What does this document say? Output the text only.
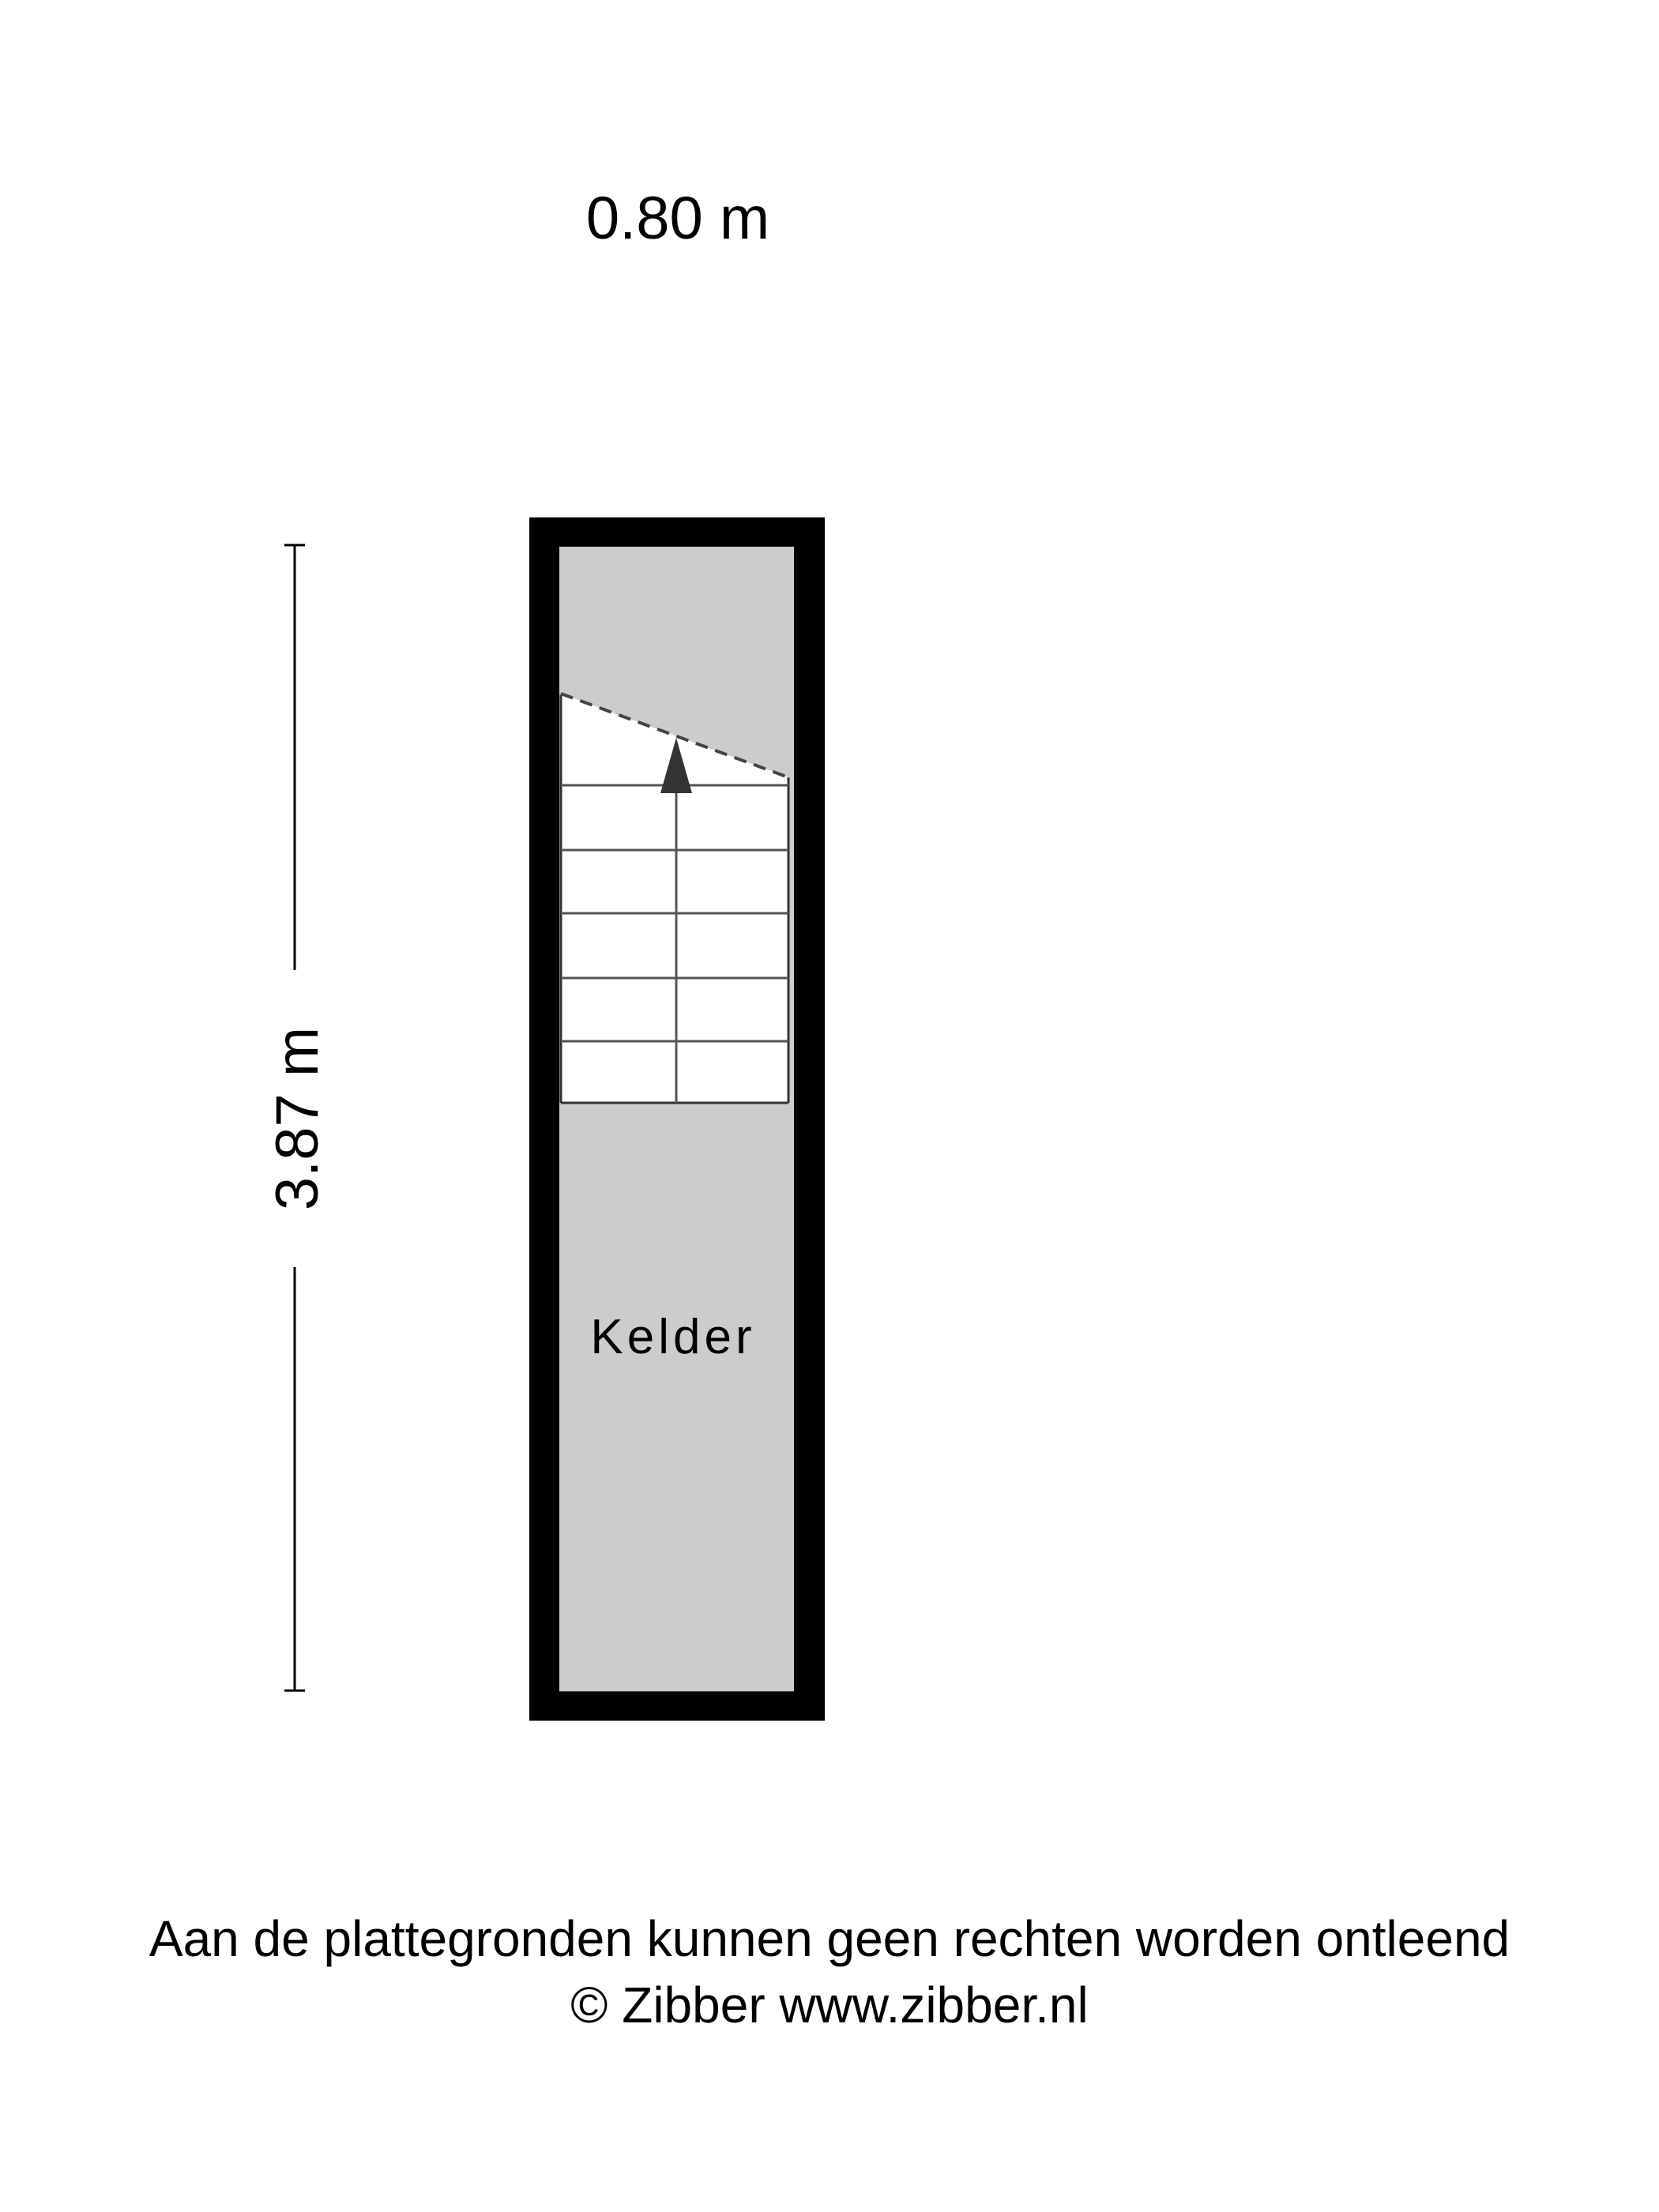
0.80 m
3.87 m
Kelder
Aan de plattegronden kunnen geen rechten worden ontleend
© Zibber www.zibber.nl
